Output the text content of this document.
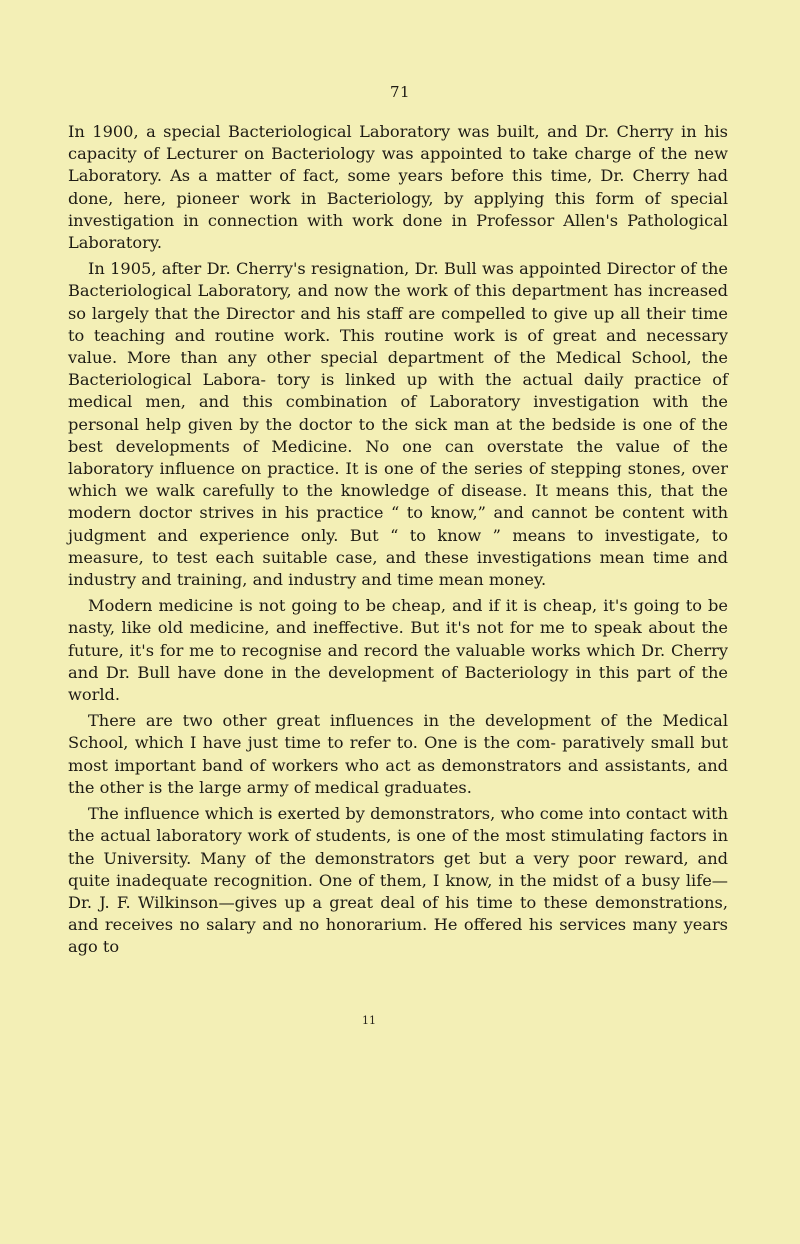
71

In 1900, a special Bacteriological Laboratory was built, and Dr. Cherry in his capacity of Lecturer on Bacteriology was appointed to take charge of the new Laboratory. As a matter of fact, some years before this time, Dr. Cherry had done, here, pioneer work in Bacteriology, by applying this form of special investigation in connection with work done in Professor Allen's Pathological Laboratory.

In 1905, after Dr. Cherry's resignation, Dr. Bull was appointed Director of the Bacteriological Laboratory, and now the work of this department has increased so largely that the Director and his staff are compelled to give up all their time to teaching and routine work. This routine work is of great and necessary value. More than any other special department of the Medical School, the Bacteriological Labora- tory is linked up with the actual daily practice of medical men, and this combination of Laboratory investigation with the personal help given by the doctor to the sick man at the bedside is one of the best developments of Medicine. No one can overstate the value of the laboratory influence on practice. It is one of the series of stepping stones, over which we walk carefully to the knowledge of disease. It means this, that the modern doctor strives in his practice “ to know,” and cannot be content with judgment and experience only. But “ to know ” means to investigate, to measure, to test each suitable case, and these investigations mean time and industry and training, and industry and time mean money.

Modern medicine is not going to be cheap, and if it is cheap, it's going to be nasty, like old medicine, and ineffective. But it's not for me to speak about the future, it's for me to recognise and record the valuable works which Dr. Cherry and Dr. Bull have done in the development of Bacteriology in this part of the world.

There are two other great influences in the development of the Medical School, which I have just time to refer to. One is the com- paratively small but most important band of workers who act as demonstrators and assistants, and the other is the large army of medical graduates.

The influence which is exerted by demonstrators, who come into contact with the actual laboratory work of students, is one of the most stimulating factors in the University. Many of the demonstrators get but a very poor reward, and quite inadequate recognition. One of them, I know, in the midst of a busy life—Dr. J. F. Wilkinson—gives up a great deal of his time to these demonstrations, and receives no salary and no honorarium. He offered his services many years ago to

11
